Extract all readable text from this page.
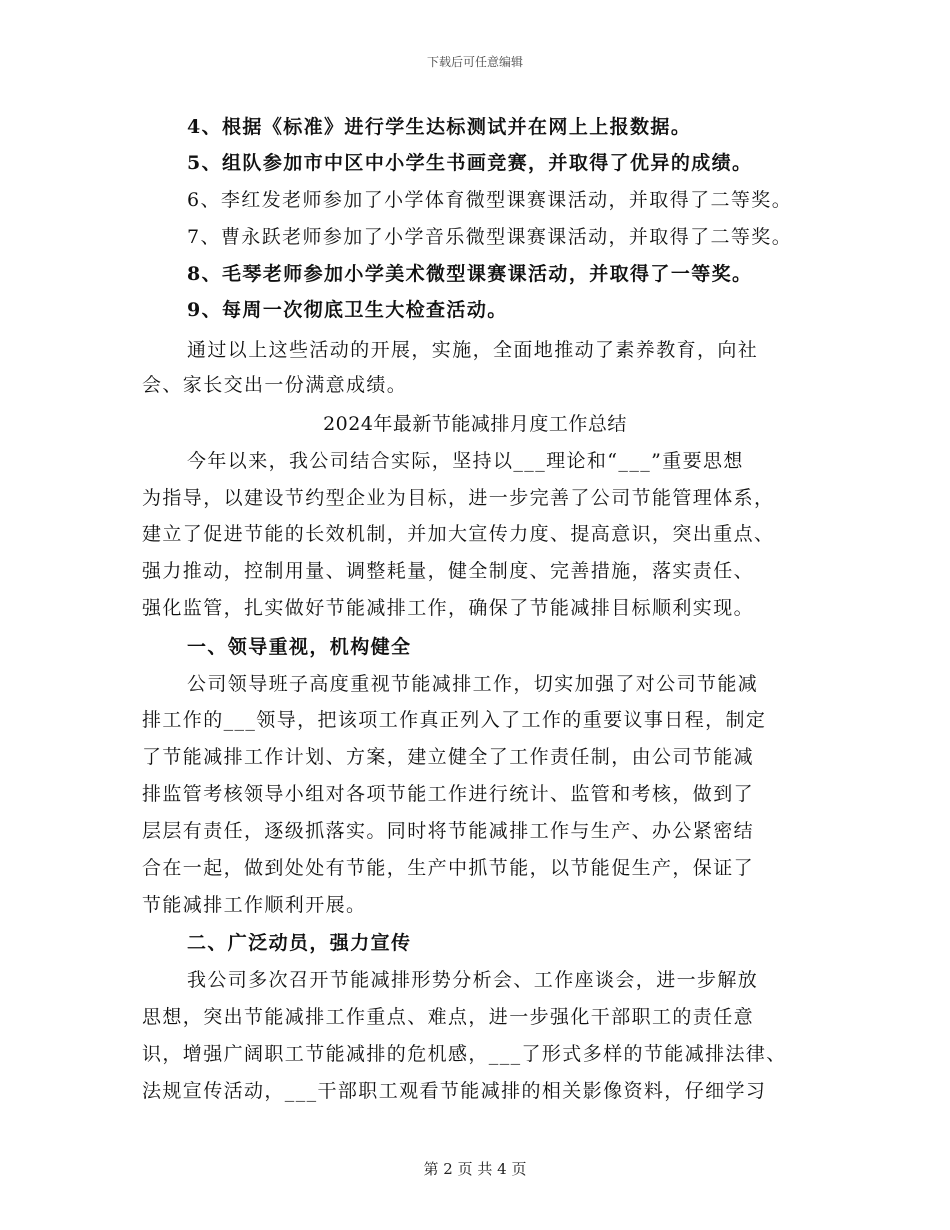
下载后可任意编辑
4、根据《标准》进行学生达标测试并在网上上报数据。
5、组队参加市中区中小学生书画竞赛，并取得了优异的成绩。
6、李红发老师参加了小学体育微型课赛课活动，并取得了二等奖。
7、曹永跃老师参加了小学音乐微型课赛课活动，并取得了二等奖。
8、毛琴老师参加小学美术微型课赛课活动，并取得了一等奖。
9、每周一次彻底卫生大检查活动。
通过以上这些活动的开展，实施，全面地推动了素养教育，向社
会、家长交出一份满意成绩。
2024年最新节能减排月度工作总结
今年以来，我公司结合实际，坚持以___理论和“___”重要思想
为指导，以建设节约型企业为目标，进一步完善了公司节能管理体系，
建立了促进节能的长效机制，并加大宣传力度、提高意识，突出重点、
强力推动，控制用量、调整耗量，健全制度、完善措施，落实责任、
强化监管，扎实做好节能减排工作，确保了节能减排目标顺利实现。
一、领导重视，机构健全
公司领导班子高度重视节能减排工作，切实加强了对公司节能减
排工作的___领导，把该项工作真正列入了工作的重要议事日程，制定
了节能减排工作计划、方案，建立健全了工作责任制，由公司节能减
排监管考核领导小组对各项节能工作进行统计、监管和考核，做到了
层层有责任，逐级抓落实。同时将节能减排工作与生产、办公紧密结
合在一起，做到处处有节能，生产中抓节能，以节能促生产，保证了
节能减排工作顺利开展。
二、广泛动员，强力宣传
我公司多次召开节能减排形势分析会、工作座谈会，进一步解放
思想，突出节能减排工作重点、难点，进一步强化干部职工的责任意
识，增强广阔职工节能减排的危机感，___了形式多样的节能减排法律、
法规宣传活动，___干部职工观看节能减排的相关影像资料，仔细学习
第 2 页 共 4 页
